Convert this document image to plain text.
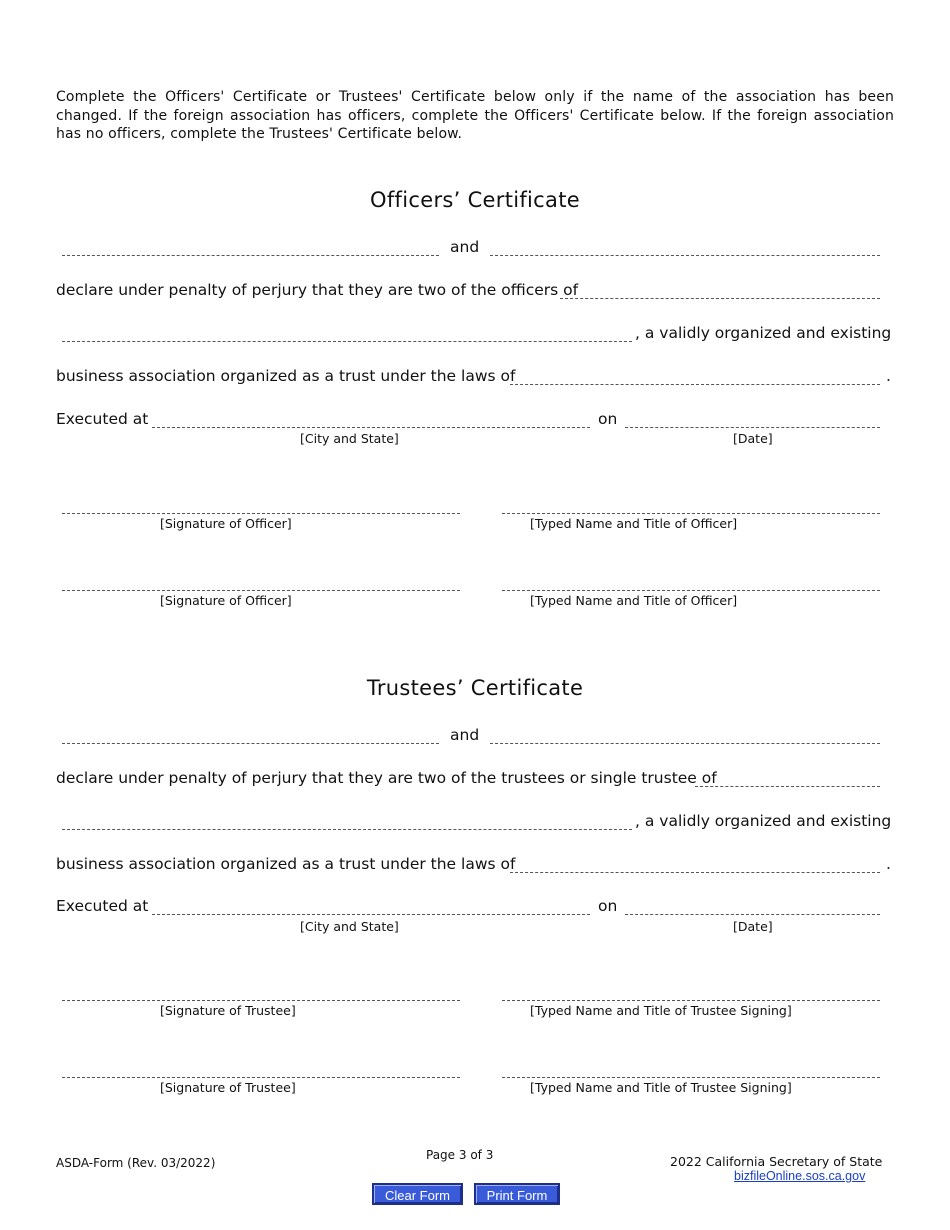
Complete the Officers' Certificate or Trustees' Certificate below only if the name of the association has been changed. If the foreign association has officers, complete the Officers' Certificate below. If the foreign association has no officers, complete the Trustees' Certificate below.
Officers’ Certificate
and
declare under penalty of perjury that they are two of the officers of
, a validly organized and existing
business association organized as a trust under the laws of	.
Executed at	on
[City and State]	[Date]
[Signature of Officer]	[Typed Name and Title of Officer]
[Signature of Officer]	[Typed Name and Title of Officer]
Trustees’ Certificate
and
declare under penalty of perjury that they are two of the trustees or single trustee of
, a validly organized and existing
business association organized as a trust under the laws of	.
Executed at	on
[City and State]	[Date]
[Signature of Trustee]	[Typed Name and Title of Trustee Signing]
[Signature of Trustee]	[Typed Name and Title of Trustee Signing]
ASDA-Form (Rev. 03/2022)
Page 3 of 3	2022 California Secretary of State
bizfileOnline.sos.ca.gov
Clear Form	Print Form
